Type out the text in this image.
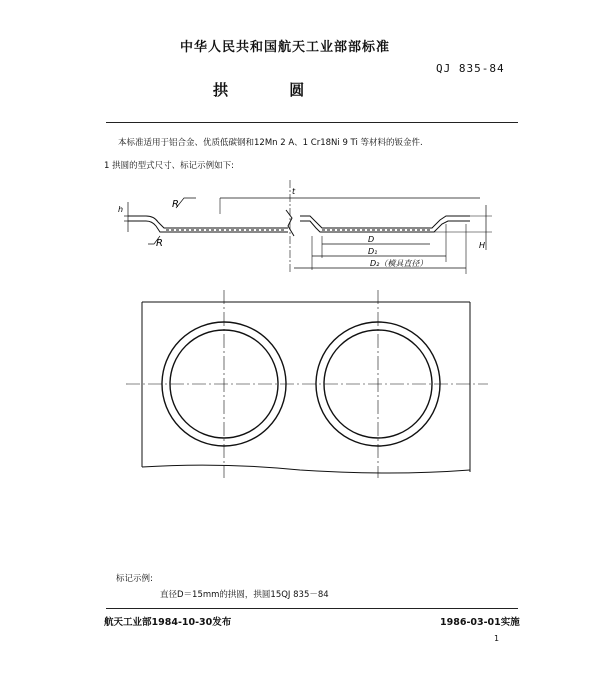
中华人民共和国航天工业部部标准
QJ 835-84
拱 圆
本标准适用于铝合金、优质低碳钢和12Mn 2 A、1 Cr18Ni 9 Ti 等材料的钣金件.
1 拱圆的型式尺寸、标记示例如下:
R
R
h
t
H
D
D₁
D₂（模具直径）
标记示例:
直径D＝15mm的拱圆，拱圆15QJ 835－84
航天工业部1984-10-30发布	1986-03-01实施
1
